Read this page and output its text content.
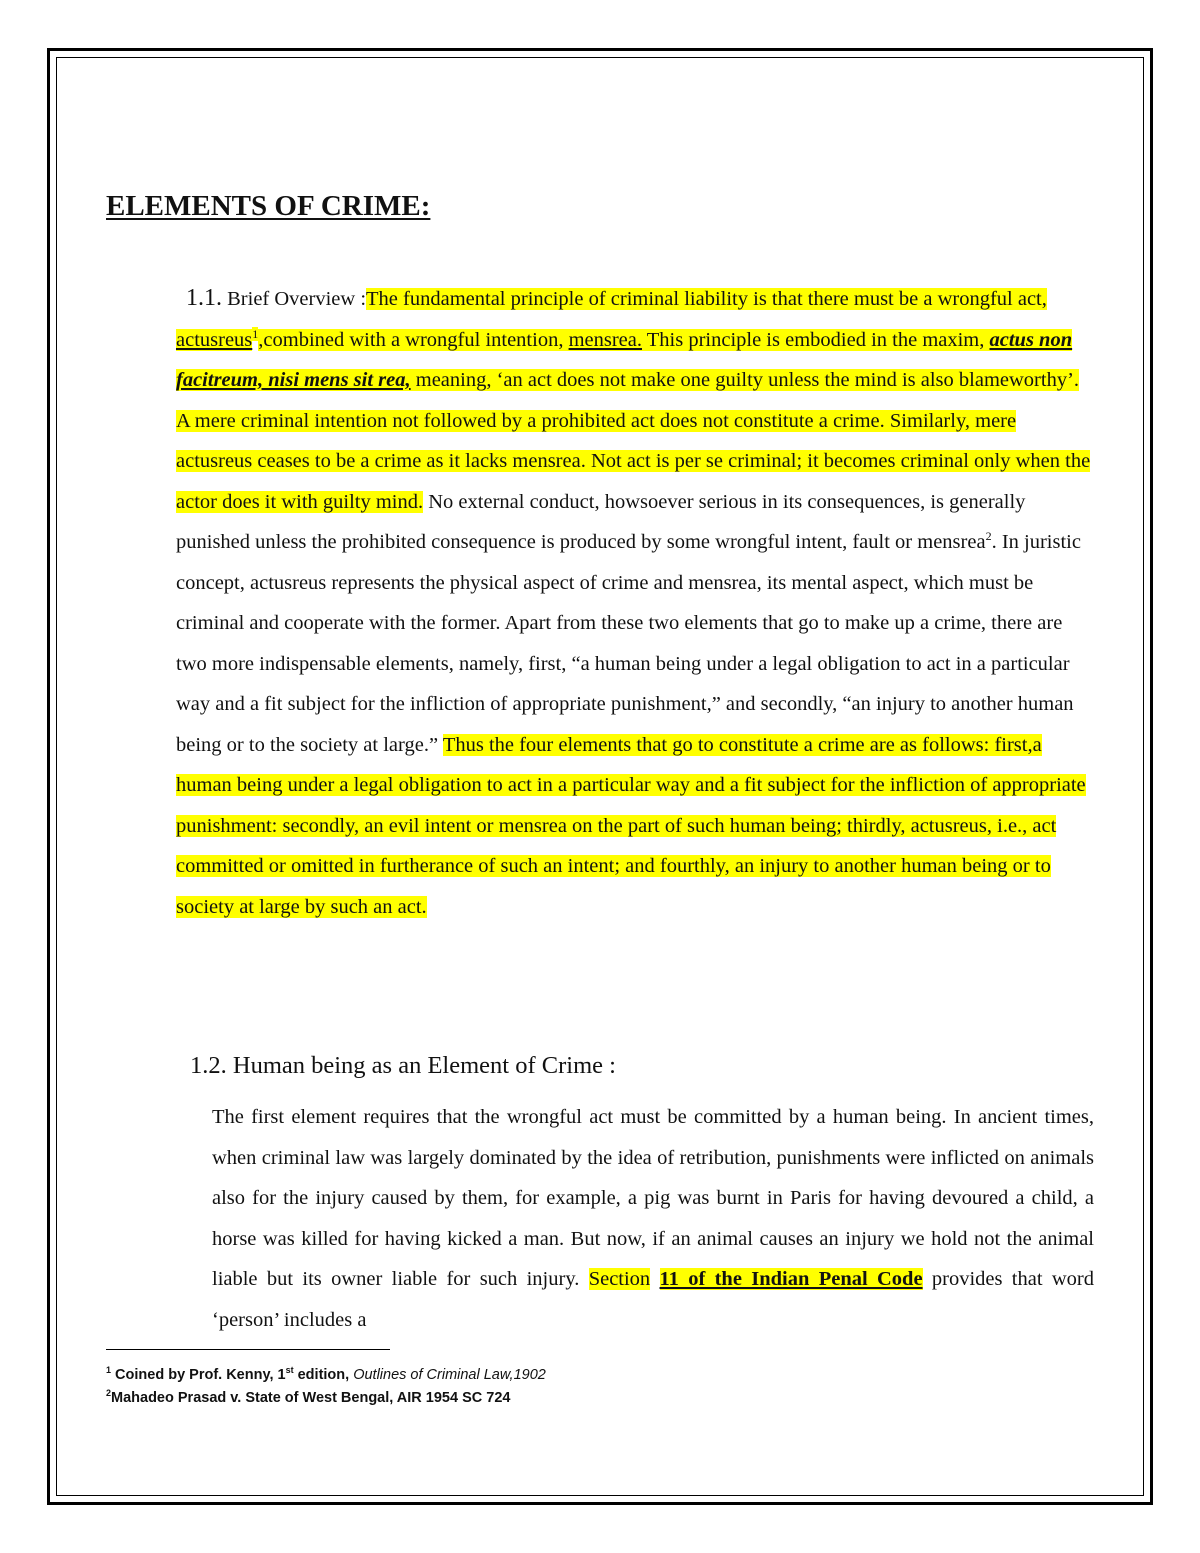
ELEMENTS OF CRIME:
1.1. Brief Overview :The fundamental principle of criminal liability is that there must be a wrongful act, actusreus$^1$,combined with a wrongful intention, mensrea. This principle is embodied in the maxim, actus non facitreum, nisi mens sit rea, meaning, ‘an act does not make one guilty unless the mind is also blameworthy’. A mere criminal intention not followed by a prohibited act does not constitute a crime. Similarly, mere actusreus ceases to be a crime as it lacks mensrea. Not act is per se criminal; it becomes criminal only when the actor does it with guilty mind. No external conduct, howsoever serious in its consequences, is generally punished unless the prohibited consequence is produced by some wrongful intent, fault or mensrea$^2$. In juristic concept, actusreus represents the physical aspect of crime and mensrea, its mental aspect, which must be criminal and cooperate with the former. Apart from these two elements that go to make up a crime, there are two more indispensable elements, namely, first, “a human being under a legal obligation to act in a particular way and a fit subject for the infliction of appropriate punishment,” and secondly, “an injury to another human being or to the society at large.” Thus the four elements that go to constitute a crime are as follows: first,a human being under a legal obligation to act in a particular way and a fit subject for the infliction of appropriate punishment: secondly, an evil intent or mensrea on the part of such human being; thirdly, actusreus, i.e., act committed or omitted in furtherance of such an intent; and fourthly, an injury to another human being or to society at large by such an act.
1.2. Human being as an Element of Crime :
The first element requires that the wrongful act must be committed by a human being. In ancient times, when criminal law was largely dominated by the idea of retribution, punishments were inflicted on animals also for the injury caused by them, for example, a pig was burnt in Paris for having devoured a child, a horse was killed for having kicked a man. But now, if an animal causes an injury we hold not the animal liable but its owner liable for such injury. Section 11 of the Indian Penal Code provides that word ‘person’ includes a
$^1$ Coined by Prof. Kenny, 1st edition, Outlines of Criminal Law,1902
$^2$Mahadeo Prasad v. State of West Bengal, AIR 1954 SC 724
